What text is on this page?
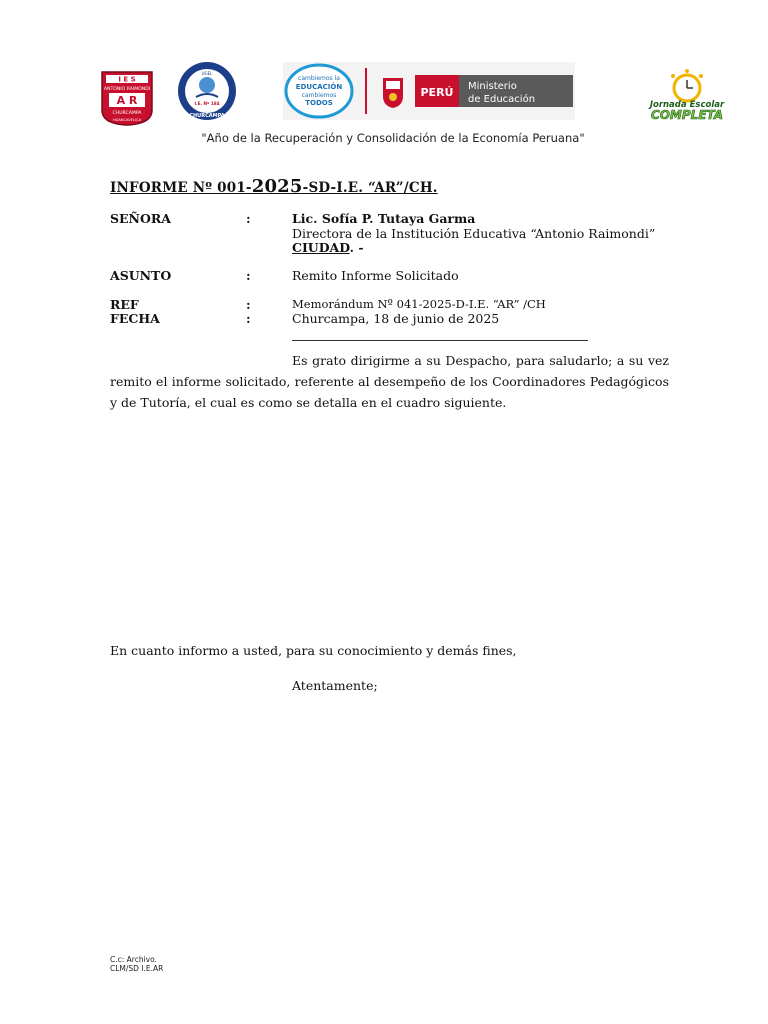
I E S
ANTONIO RAIMONDI
A R
CHURCAMPA
HUANCAVELICA
UGEL
I.E. Nº 184
CHURCAMPA
cambiemos la
EDUCACIÓN
cambiemos
TODOS
PERÚ Ministerio
de Educación	Jornada Escolar
COMPLETA
"Año de la Recuperación y Consolidación de la Economía Peruana"
INFORME Nº 001-2025-SD-I.E. “AR”/CH.
SEÑORA	:	Lic. Sofía P. Tutaya Garma
Directora de la Institución Educativa “Antonio Raimondi”
CIUDAD. -
ASUNTO	:	Remito Informe Solicitado
REF	:	Memorándum Nº 041-2025-D-I.E. “AR” /CH
FECHA	:	Churcampa, 18 de junio de 2025
Es grato dirigirme a su Despacho, para saludarlo; a su vez remito el informe solicitado, referente al desempeño de los Coordinadores Pedagógicos y de Tutoría, el cual es como se detalla en el cuadro siguiente.
En cuanto informo a usted, para su conocimiento y demás fines,
Atentamente;
C.c: Archivo.
CLM/SD I.E.AR
